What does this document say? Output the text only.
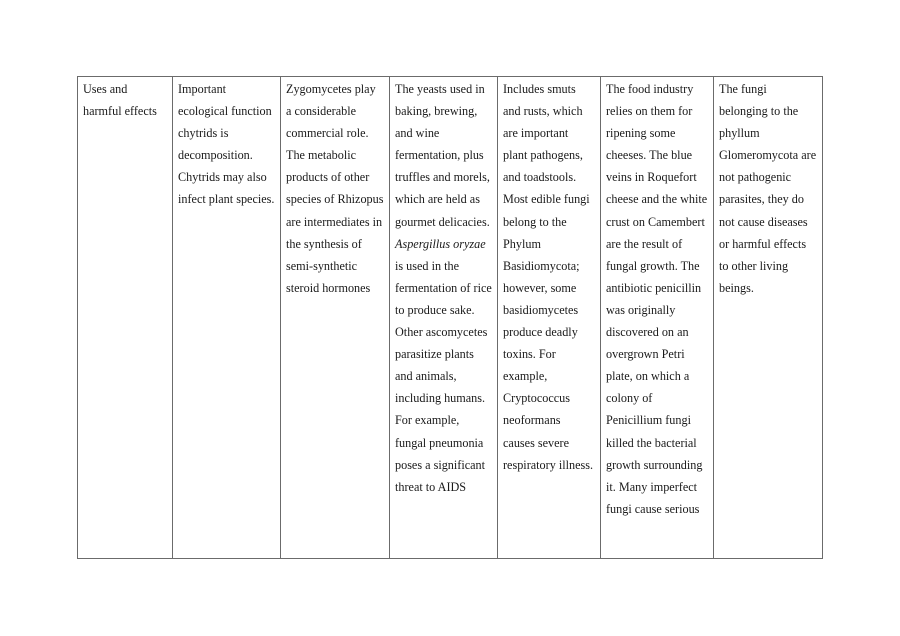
Uses and harmful effects	Important ecological function chytrids is decomposition. Chytrids may also infect plant species.	Zygomycetes play a considerable commercial role. The metabolic products of other species of Rhizopus are intermediates in the synthesis of semi-synthetic steroid hormones	The yeasts used in baking, brewing, and wine fermentation, plus truffles and morels, which are held as gourmet delicacies. Aspergillus oryzae is used in the fermentation of rice to produce sake. Other ascomycetes parasitize plants and animals, including humans. For example, fungal pneumonia poses a significant threat to AIDS	Includes smuts and rusts, which are important plant pathogens, and toadstools. Most edible fungi belong to the Phylum Basidiomycota; however, some basidiomycetes produce deadly toxins. For example, Cryptococcus neoformans causes severe respiratory illness.	The food industry relies on them for ripening some cheeses. The blue veins in Roquefort cheese and the white crust on Camembert are the result of fungal growth. The antibiotic penicillin was originally discovered on an overgrown Petri plate, on which a colony of Penicillium fungi killed the bacterial growth surrounding it. Many imperfect fungi cause serious	The fungi belonging to the phyllum Glomeromycota are not pathogenic parasites, they do not cause diseases or harmful effects to other living beings.
